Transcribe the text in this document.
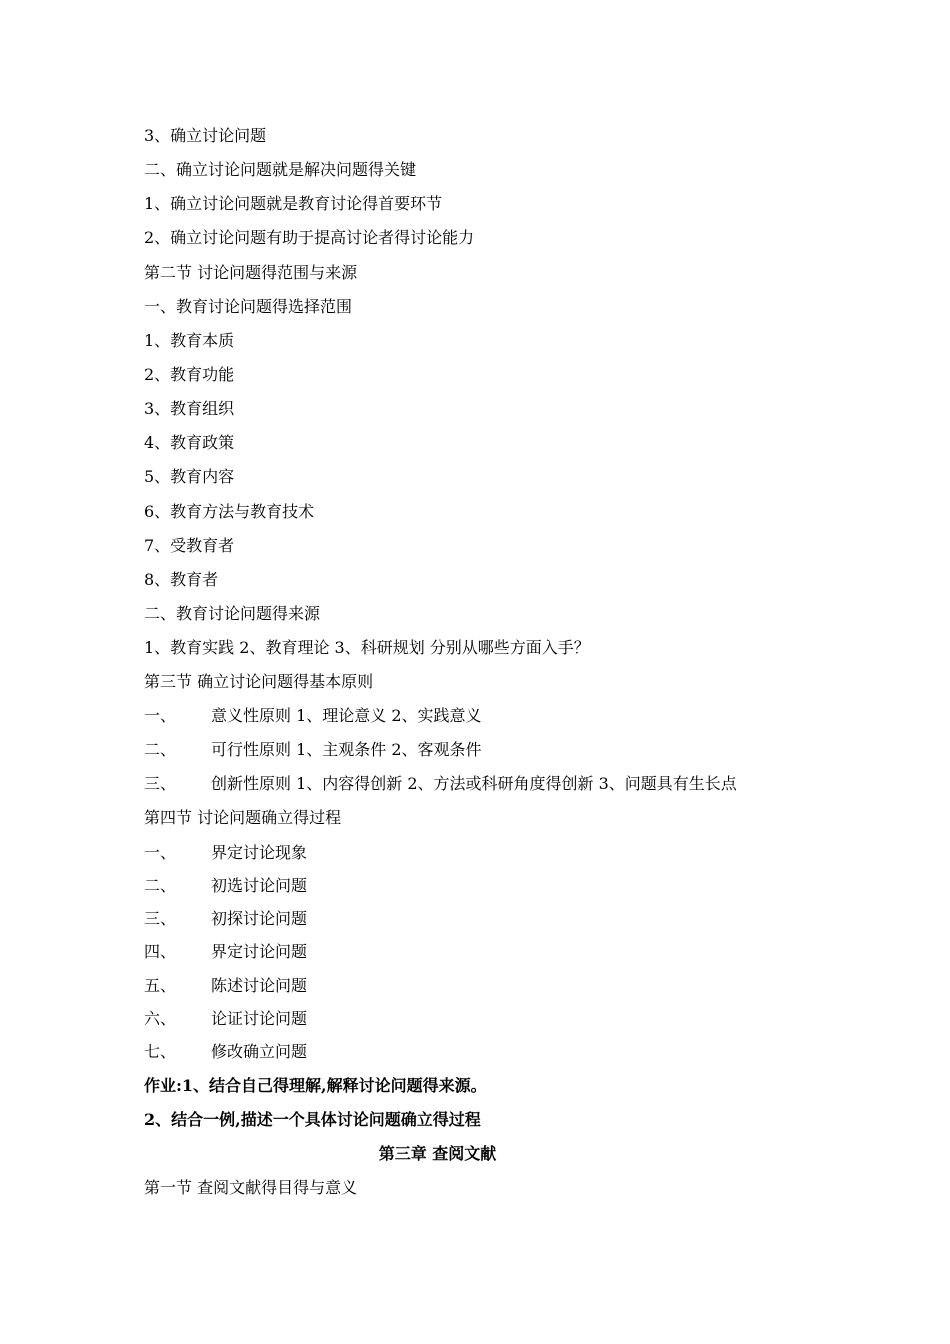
3、确立讨论问题
二、确立讨论问题就是解决问题得关键
1、确立讨论问题就是教育讨论得首要环节
2、确立讨论问题有助于提高讨论者得讨论能力
第二节 讨论问题得范围与来源
一、教育讨论问题得选择范围
1、教育本质
2、教育功能
3、教育组织
4、教育政策
5、教育内容
6、教育方法与教育技术
7、受教育者
8、教育者
二、教育讨论问题得来源
1、教育实践 2、教育理论 3、科研规划 分别从哪些方面入手？
第三节 确立讨论问题得基本原则
一、 意义性原则 1、理论意义 2、实践意义
二、 可行性原则 1、主观条件 2、客观条件
三、 创新性原则 1、内容得创新 2、方法或科研角度得创新 3、问题具有生长点
第四节 讨论问题确立得过程
一、 界定讨论现象
二、 初选讨论问题
三、 初探讨论问题
四、 界定讨论问题
五、 陈述讨论问题
六、 论证讨论问题
七、 修改确立问题
作业:1、结合自己得理解,解释讨论问题得来源。
2、结合一例,描述一个具体讨论问题确立得过程
第三章 查阅文献
第一节 查阅文献得目得与意义
